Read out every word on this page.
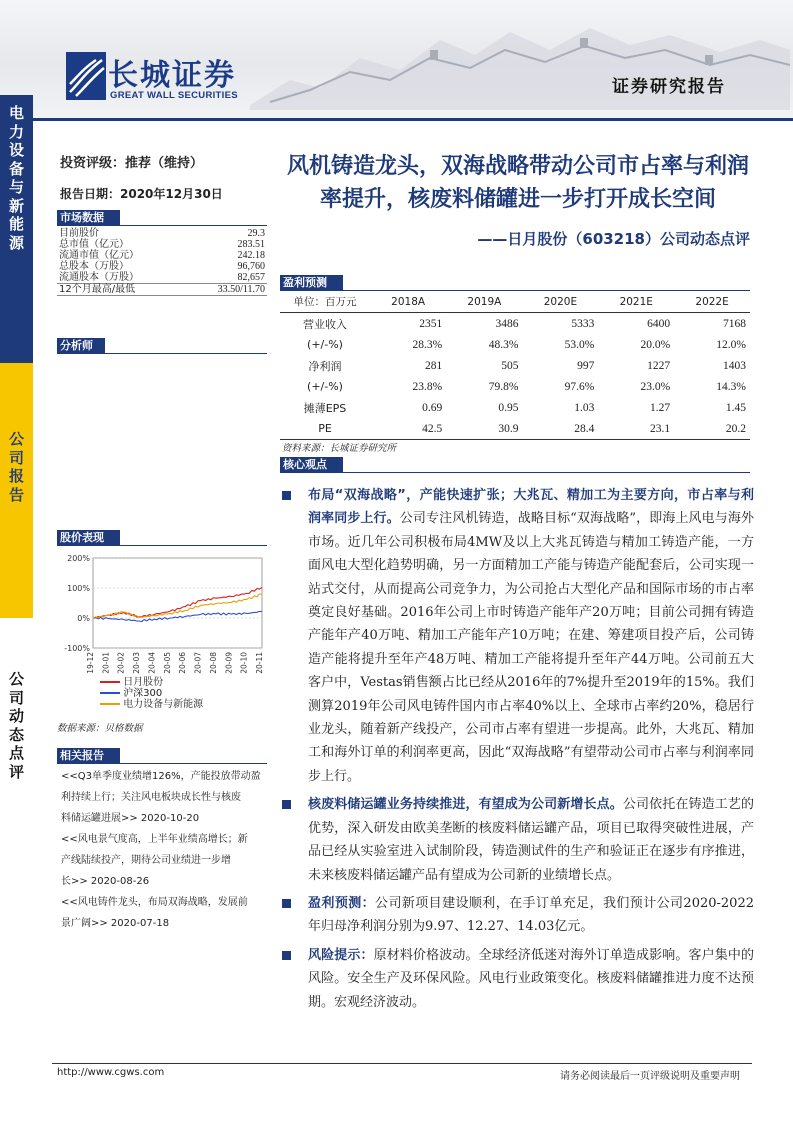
长城证券
GREAT WALL SECURITIES	证券研究报告
电
力
设
备
与
新
能
源
公
司
报
告
公
司
动
态
点
评
投资评级：推荐（维持）
报告日期：2020年12月30日
市场数据
目前股价	29.3
总市值（亿元）	283.51
流通市值（亿元）	242.18
总股本（万股）	96,760
流通股本（万股）	82,657
12个月最高/最低	33.50/11.70
分析师
股价表现
200%
100%
0%
-100%
19-12 20-01 20-02 20-03 20-04 20-05 20-06 20-07 20-08 20-09 20-10 20-11
日月股份
沪深300
电力设备与新能源
数据来源：贝格数据
相关报告
<<Q3单季度业绩增126%，产能投放带动盈
利持续上行；关注风电板块成长性与核废
料储运罐进展>> 2020-10-20
<<风电景气度高，上半年业绩高增长；新
产线陆续投产，期待公司业绩进一步增
长>> 2020-08-26
<<风电铸件龙头，布局双海战略，发展前
景广阔>> 2020-07-18
风机铸造龙头，双海战略带动公司市占率与利润率提升，核废料储罐进一步打开成长空间
——日月股份（603218）公司动态点评
盈利预测
单位：百万元	2018A	2019A	2020E	2021E	2022E
营业收入	2351	3486	5333	6400	7168
(+/-%)	28.3%	48.3%	53.0%	20.0%	12.0%
净利润	281	505	997	1227	1403
(+/-%)	23.8%	79.8%	97.6%	23.0%	14.3%
摊薄EPS	0.69	0.95	1.03	1.27	1.45
PE	42.5	30.9	28.4	23.1	20.2
资料来源：长城证券研究所
核心观点
布局“双海战略”，产能快速扩张；大兆瓦、精加工为主要方向，市占率与利润率同步上行。公司专注风机铸造，战略目标“双海战略”，即海上风电与海外市场。近几年公司积极布局4MW及以上大兆瓦铸造与精加工铸造产能，一方面风电大型化趋势明确，另一方面精加工产能与铸造产能配套后，公司实现一站式交付，从而提高公司竞争力，为公司抢占大型化产品和国际市场的市占率奠定良好基础。2016年公司上市时铸造产能年产20万吨；目前公司拥有铸造产能年产40万吨、精加工产能年产10万吨；在建、筹建项目投产后，公司铸造产能将提升至年产48万吨、精加工产能将提升至年产44万吨。公司前五大客户中，Vestas销售额占比已经从2016年的7%提升至2019年的15%。我们测算2019年公司风电铸件国内市占率40%以上、全球市占率约20%，稳居行业龙头，随着新产线投产，公司市占率有望进一步提高。此外，大兆瓦、精加工和海外订单的利润率更高，因此“双海战略”有望带动公司市占率与利润率同步上行。
核废料储运罐业务持续推进，有望成为公司新增长点。公司依托在铸造工艺的优势，深入研发由欧美垄断的核废料储运罐产品，项目已取得突破性进展，产品已经从实验室进入试制阶段，铸造测试件的生产和验证正在逐步有序推进，未来核废料储运罐产品有望成为公司新的业绩增长点。
盈利预测：公司新项目建设顺利，在手订单充足，我们预计公司2020-2022年归母净利润分别为9.97、12.27、14.03亿元。
风险提示：原材料价格波动。全球经济低迷对海外订单造成影响。客户集中的风险。安全生产及环保风险。风电行业政策变化。核废料储罐推进力度不达预期。宏观经济波动。
http://www.cgws.com	请务必阅读最后一页评级说明及重要声明
